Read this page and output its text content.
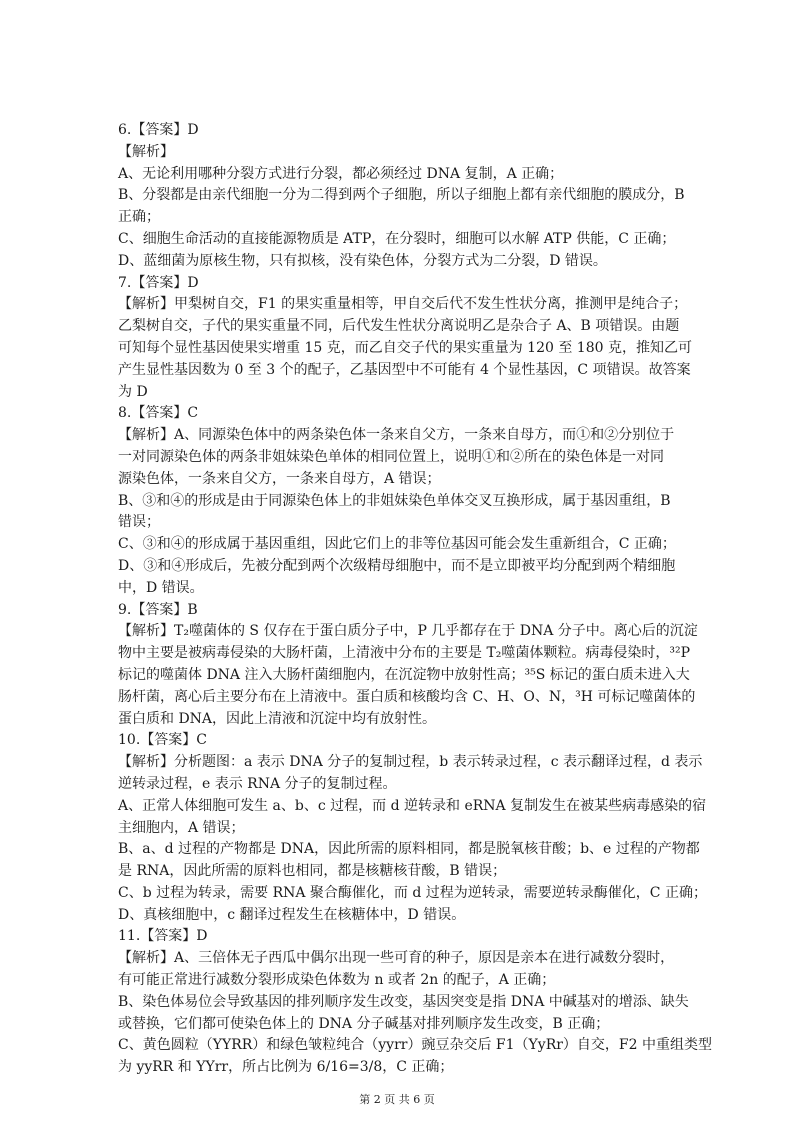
6.【答案】D
【解析】
A、无论利用哪种分裂方式进行分裂，都必须经过 DNA 复制，A 正确；
B、分裂都是由亲代细胞一分为二得到两个子细胞，所以子细胞上都有亲代细胞的膜成分，B
正确；
C、细胞生命活动的直接能源物质是 ATP，在分裂时，细胞可以水解 ATP 供能，C 正确；
D、蓝细菌为原核生物，只有拟核，没有染色体，分裂方式为二分裂，D 错误。
7.【答案】D
【解析】甲梨树自交，F1 的果实重量相等，甲自交后代不发生性状分离，推测甲是纯合子；
乙梨树自交，子代的果实重量不同，后代发生性状分离说明乙是杂合子 A、B 项错误。由题
可知每个显性基因使果实增重 15 克，而乙自交子代的果实重量为 120 至 180 克，推知乙可
产生显性基因数为 0 至 3 个的配子，乙基因型中不可能有 4 个显性基因，C 项错误。故答案
为 D
8.【答案】C
【解析】A、同源染色体中的两条染色体一条来自父方，一条来自母方，而①和②分别位于
一对同源染色体的两条非姐妹染色单体的相同位置上，说明①和②所在的染色体是一对同
源染色体，一条来自父方，一条来自母方，A 错误；
B、③和④的形成是由于同源染色体上的非姐妹染色单体交叉互换形成，属于基因重组，B
错误；
C、③和④的形成属于基因重组，因此它们上的非等位基因可能会发生重新组合，C 正确；
D、③和④形成后，先被分配到两个次级精母细胞中，而不是立即被平均分配到两个精细胞
中，D 错误。
9.【答案】B
【解析】T₂噬菌体的 S 仅存在于蛋白质分子中，P 几乎都存在于 DNA 分子中。离心后的沉淀
物中主要是被病毒侵染的大肠杆菌，上清液中分布的主要是 T₂噬菌体颗粒。病毒侵染时，³²P
标记的噬菌体 DNA 注入大肠杆菌细胞内，在沉淀物中放射性高；³⁵S 标记的蛋白质未进入大
肠杆菌，离心后主要分布在上清液中。蛋白质和核酸均含 C、H、O、N，³H 可标记噬菌体的
蛋白质和 DNA，因此上清液和沉淀中均有放射性。
10.【答案】C
【解析】分析题图：a 表示 DNA 分子的复制过程，b 表示转录过程，c 表示翻译过程，d 表示
逆转录过程，e 表示 RNA 分子的复制过程。
A、正常人体细胞可发生 a、b、c 过程，而 d 逆转录和 eRNA 复制发生在被某些病毒感染的宿
主细胞内，A 错误；
B、a、d 过程的产物都是 DNA，因此所需的原料相同，都是脱氧核苷酸；b、e 过程的产物都
是 RNA，因此所需的原料也相同，都是核糖核苷酸，B 错误；
C、b 过程为转录，需要 RNA 聚合酶催化，而 d 过程为逆转录，需要逆转录酶催化，C 正确；
D、真核细胞中，c 翻译过程发生在核糖体中，D 错误。
11.【答案】D
【解析】A、三倍体无子西瓜中偶尔出现一些可育的种子，原因是亲本在进行减数分裂时，
有可能正常进行减数分裂形成染色体数为 n 或者 2n 的配子，A 正确；
B、染色体易位会导致基因的排列顺序发生改变，基因突变是指 DNA 中碱基对的增添、缺失
或替换，它们都可使染色体上的 DNA 分子碱基对排列顺序发生改变，B 正确；
C、黄色圆粒（YYRR）和绿色皱粒纯合（yyrr）豌豆杂交后 F1（YyRr）自交，F2 中重组类型
为 yyRR 和 YYrr，所占比例为 6/16=3/8，C 正确；
第 2 页 共 6 页
